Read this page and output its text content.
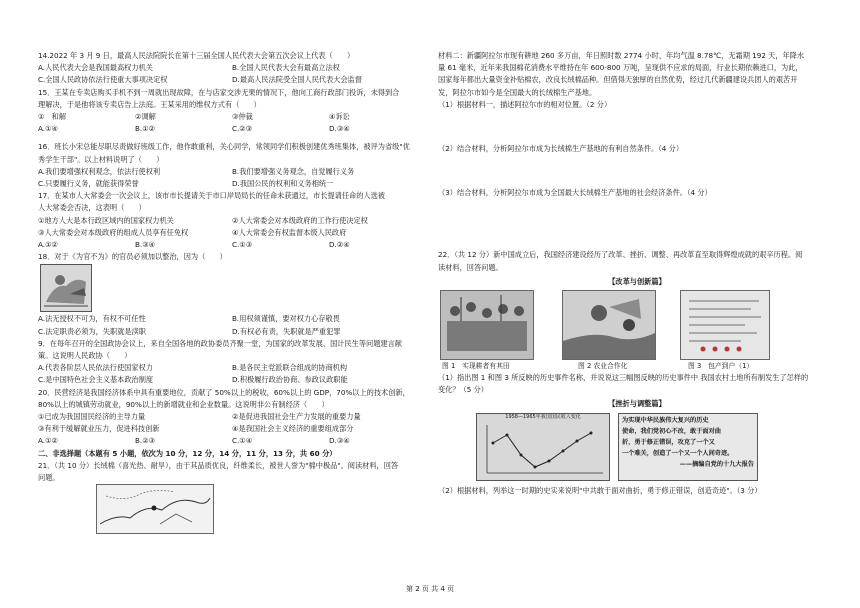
14.2022 年 3 月 9 日，最高人民法院院长在第十三届全国人民代表大会第五次会议上代表（　　）
A.人民代表大会是我国最高权力机关	B.全国人民代表大会有最高立法权
C.全国人民政协依法行使重大事项决定权	D.最高人民法院受全国人民代表大会监督
15．王某在专卖店购买手机不到一周就出现故障，在与店家交涉无果的情况下，他向工商行政部门投诉，未得到合
理解决，于是他将该专卖店告上法庭。王某采用的维权方式有（　　）
①　和解	②调解	③仲裁	④诉讼
A.①④	B.①②	C.②③	D.③④
16．班长小宋总能尽职尽责做好班级工作，他作敢重利，关心同学，常领同学们积极创建优秀班集体，被评为省级"优
秀学生干部"。以上材料说明了（　　）
A.我们要增强权利观念，依法行使权利	B.我们要增强义务观念，自觉履行义务
C.只要履行义务，就能获得荣誉	D.我国公民的权利和义务相统一
17．在某市人大常委会一次会议上，该市市长提请关于市口岸局局长的任命未获通过，市长提请任命的人选被
人大常委会否决，这表明（　　）
①地方人大是本行政区域内的国家权力机关	②人大常委会对本级政府的工作行使决定权
③人大常委会对本级政府的组成人员享有任免权	④人大常委会有权监督本级人民政府
A.①②	B.③④	C.①③	D.②④
18．对于《为官不为》的官员必须加以整治，因为（　　）
A.法无授权不可为，有权不可任性	B.用权须谨慎，要对权力心存敬畏
C.法定职责必须为，失职就是渎职	D.有权必有责，失职就是严重犯罪
9．在每年召开的全国政协会议上，来自全国各地的政协委员齐聚一堂，为国家的改革发展、国计民生等问题建言献
策。这说明人民政协（　　）
A.代表各阶层人民依法行使国家权力	B.是各民主党派联合组成的协商机构
C.是中国特色社会主义基本政治制度	D.积极履行政治协商、参政议政职能
20．民营经济是我国经济体系中具有重要地位，贡献了 50%以上的税收，60%以上的 GDP，70%以上的技术创新，
80%以上的城镇劳动就业，90%以上的新增就业和企业数量。这说明非公有制经济（　　）
①已成为我国国民经济的主导力量	②是促进我国社会生产力发展的重要力量
③有利于缓解就业压力，促进科技创新	④是我国社会主义经济的重要组成部分
A.①②	B.②③	C.①④	D.③④
二、非选择题（本题有 5 小题，依次为 10 分，12 分，14 分，11 分，13 分，共 60 分）
21．（共 10 分）长绒棉（喜光热、耐旱），由于其品质优良，纤维柔长，被世人誉为"棉中极品"。阅读材料，回答
问题。
材料二：新疆阿拉尔市现有耕地 260 多万亩，年日照时数 2774 小时，年均气温 8.78℃，无霜期 192 天，年降水
量 61 毫米，近年来我国棉花消费水平维持在年 600-800 万吨，呈现供不应求的局面，行业长期依赖进口，为此，
国家每年都出大量资金补贴棉农，改良长绒棉品种。但借得天独厚的自然优势，经过几代新疆建设兵团人的艰苦开
发，阿拉尔市如今是全国最大的长绒棉生产基地。
（1）根据材料一，描述阿拉尔市的相对位置。（2 分）
（2）结合材料，分析阿拉尔市成为长绒棉生产基地的有利自然条件。（4 分）
（3）结合材料，分析阿拉尔市成为全国最大长绒棉生产基地的社会经济条件。（4 分）
22．（共 12 分）新中国成立后，我国经济建设经历了改革、挫折、调整、再改革直至取得辉煌成就的艰辛历程。阅
读材料，回答问题。
【改革与创新篇】
图 1　实现耕者有其田	图 2 农业合作化	图 3　包产到户（1）
（1）指出图 1 和图 3 所反映的历史事件名称，并说说这三幅图反映的历史事件中 我国农村土地所有制发生了怎样的
变化？（5 分）
【挫折与调整篇】
1958—1965年我国国民收入变化	为实现中华民族伟大复兴的历史
使命，我们党初心不改，敢于面对曲
折，勇于修正错误，攻克了一个又
一个难关，创造了一个又一个人间奇迹。
——摘编自党的十九大报告
（2）根据材料，列举这一时期的史实来说明"中共敢于面对曲折，勇于修正错误，创造奇迹"。（3 分）
第 2 页 共 4 页
